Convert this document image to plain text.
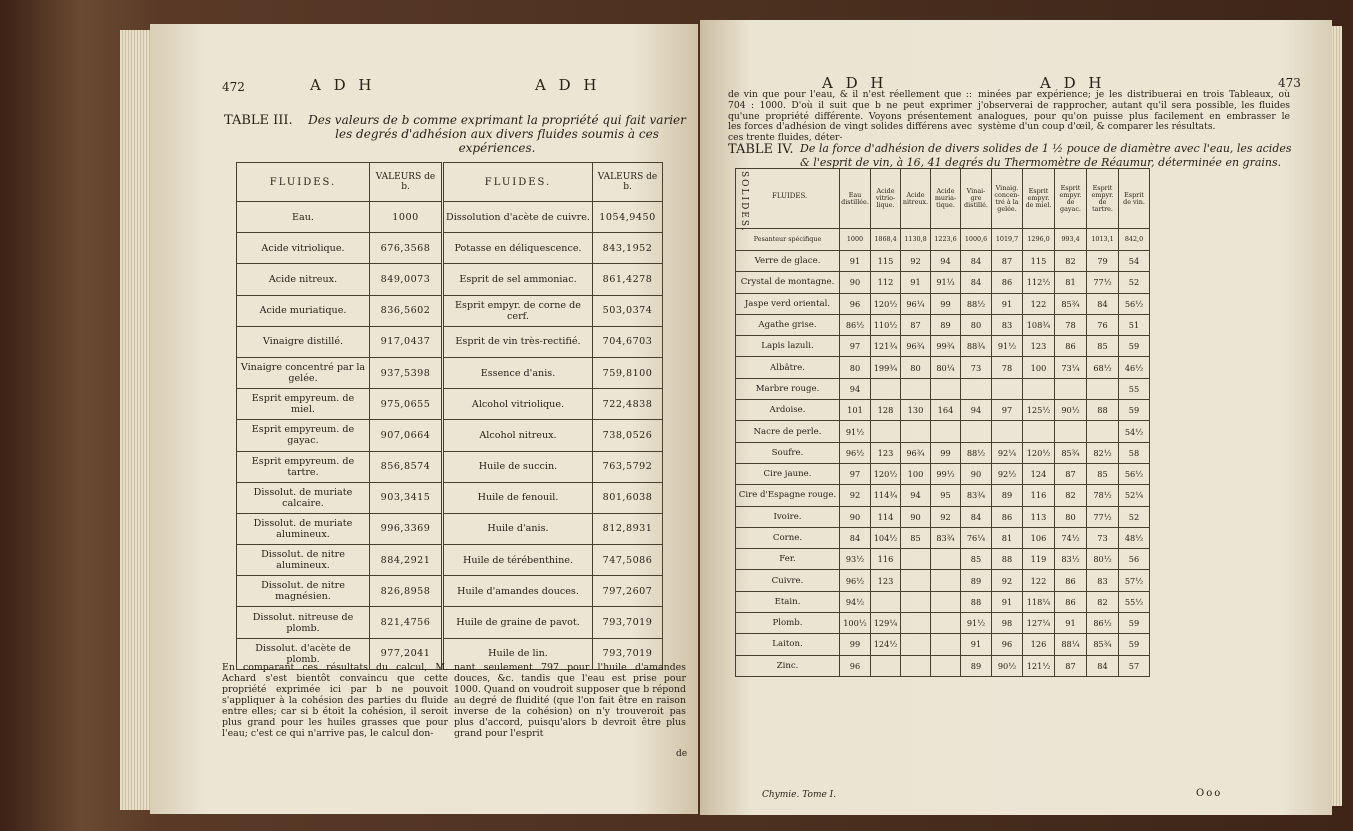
472	A D H	A D H
TABLE III.	Des valeurs de b comme exprimant la propriété qui fait varier les degrés d'adhésion aux divers fluides soumis à ces expériences.
FLUIDES.	VALEURS de b.	FLUIDES.	VALEURS de b.
Eau.	1000	Dissolution d'acète de cuivre.	1054,9450
Acide vitriolique.	676,3568	Potasse en déliquescence.	843,1952
Acide nitreux.	849,0073	Esprit de sel ammoniac.	861,4278
Acide muriatique.	836,5602	Esprit empyr. de corne de cerf.	503,0374
Vinaigre distillé.	917,0437	Esprit de vin très-rectifié.	704,6703
Vinaigre concentré par la gelée.	937,5398	Essence d'anis.	759,8100
Esprit empyreum. de miel.	975,0655	Alcohol vitriolique.	722,4838
Esprit empyreum. de gayac.	907,0664	Alcohol nitreux.	738,0526
Esprit empyreum. de tartre.	856,8574	Huile de succin.	763,5792
Dissolut. de muriate calcaire.	903,3415	Huile de fenouil.	801,6038
Dissolut. de muriate alumineux.	996,3369	Huile d'anis.	812,8931
Dissolut. de nitre alumineux.	884,2921	Huile de térébenthine.	747,5086
Dissolut. de nitre magnésien.	826,8958	Huile d'amandes douces.	797,2607
Dissolut. nitreuse de plomb.	821,4756	Huile de graine de pavot.	793,7019
Dissolut. d'acète de plomb.	977,2041	Huile de lin.	793,7019
En comparant ces résultats du calcul, M. Achard s'est bientôt convaincu que cette propriété exprimée ici par b ne pouvoit s'appliquer à la cohésion des parties du fluide entre elles; car si b étoit la cohésion, il seroit plus grand pour les huiles grasses que pour l'eau; c'est ce qui n'arrive pas, le calcul don-
nant seulement 797 pour l'huile d'amandes douces, &c. tandis que l'eau est prise pour 1000. Quand on voudroit supposer que b répond au degré de fluidité (que l'on fait être en raison inverse de la cohésion) on n'y trouveroit pas plus d'accord, puisqu'alors b devroit être plus grand pour l'esprit
de
A D H	A D H	473
de vin que pour l'eau, & il n'est réellement que :: 704 : 1000. D'où il suit que b ne peut exprimer qu'une propriété différente. Voyons présentement les forces d'adhésion de vingt solides différens avec ces trente fluides, déter-
minées par expérience; je les distribuerai en trois Tableaux, où j'observerai de rapprocher, autant qu'il sera possible, les fluides analogues, pour qu'on puisse plus facilement en embrasser le système d'un coup d'œil, & comparer les résultats.
TABLE IV. De la force d'adhésion de divers solides de 1 ½ pouce de diamètre avec l'eau, les acides & l'esprit de vin, à 16, 41 degrés du Thermomètre de Réaumur, déterminée en grains.
SOLIDES. FLUIDES.	Eau distillée.	Acide vitrio- lique.	Acide nitreux.	Acide muria- tique.	Vinai- gre distillé.	Vinaig. concen- tré à la gelée.	Esprit empyr. de miel.	Esprit empyr. de gayac.	Esprit empyr. de tartre.	Esprit de vin.
Pesanteur spécifique	1000	1868,4	1130,8	1223,6	1000,6	1019,7	1296,0	993,4	1013,1	842,0
Verre de glace.	91	115	92	94	84	87	115	82	79	54
Crystal de montagne.	90	112	91	91⅓	84	86	112½	81	77½	52
Jaspe verd oriental.	96	120½	96¼	99	88½	91	122	85¾	84	56½
Agathe grise.	86½	110½	87	89	80	83	108¾	78	76	51
Lapis lazuli.	97	121¾	96¾	99¾	88¾	91½	123	86	85	59
Albâtre.	80	199¾	80	80¼	73	78	100	73¼	68½	46½
Marbre rouge.	94									55
Ardoise.	101	128	130	164	94	97	125½	90½	88	59
Nacre de perle.	91½									54½
Soufre.	96½	123	96¾	99	88½	92¼	120½	85¾	82½	58
Cire jaune.	97	120½	100	99½	90	92½	124	87	85	56½
Cire d'Espagne rouge.	92	114¾	94	95	83¾	89	116	82	78½	52¼
Ivoire.	90	114	90	92	84	86	113	80	77½	52
Corne.	84	104½	85	83¾	76¼	81	106	74½	73	48½
Fer.	93½	116			85	88	119	83½	80½	56
Cuivre.	96½	123			89	92	122	86	83	57½
Etain.	94½				88	91	118¼	86	82	55½
Plomb.	100½	129¼			91½	98	127¼	91	86½	59
Laiton.	99	124½			91	96	126	88¼	85¾	59
Zinc.	96				89	90½	121½	87	84	57
Chymie. Tome I.	Ooo
